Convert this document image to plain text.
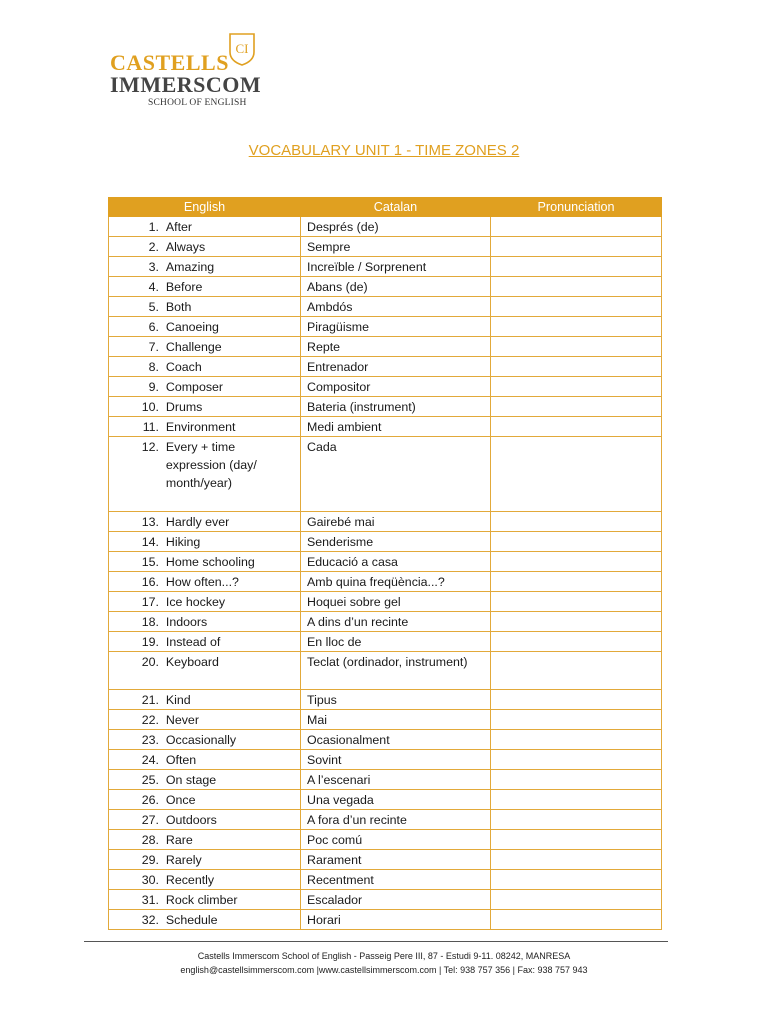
CI
CASTELLS
IMMERSCOM
SCHOOL OF ENGLISH
VOCABULARY UNIT 1 - TIME ZONES 2
English	Catalan	Pronunciation
1. After	Després (de)	
2. Always	Sempre	
3. Amazing	Increïble / Sorprenent	
4. Before	Abans (de)	
5. Both	Ambdós	
6. Canoeing	Piragüisme	
7. Challenge	Repte	
8. Coach	Entrenador	
9. Composer	Compositor	
10. Drums	Bateria (instrument)	
11. Environment	Medi ambient	
12. Every + time expression (day/ month/year)	Cada	
13. Hardly ever	Gairebé mai	
14. Hiking	Senderisme	
15. Home schooling	Educació a casa	
16. How often...?	Amb quina freqüència...?	
17. Ice hockey	Hoquei sobre gel	
18. Indoors	A dins d’un recinte	
19. Instead of	En lloc de	
20. Keyboard	Teclat (ordinador, instrument)	
21. Kind	Tipus	
22. Never	Mai	
23. Occasionally	Ocasionalment	
24. Often	Sovint	
25. On stage	A l’escenari	
26. Once	Una vegada	
27. Outdoors	A fora d’un recinte	
28. Rare	Poc comú	
29. Rarely	Rarament	
30. Recently	Recentment	
31. Rock climber	Escalador	
32. Schedule	Horari	
Castells Immerscom School of English - Passeig Pere III, 87 - Estudi 9-11. 08242, MANRESA
english@castellsimmerscom.com |www.castellsimmerscom.com | Tel: 938 757 356 | Fax: 938 757 943
